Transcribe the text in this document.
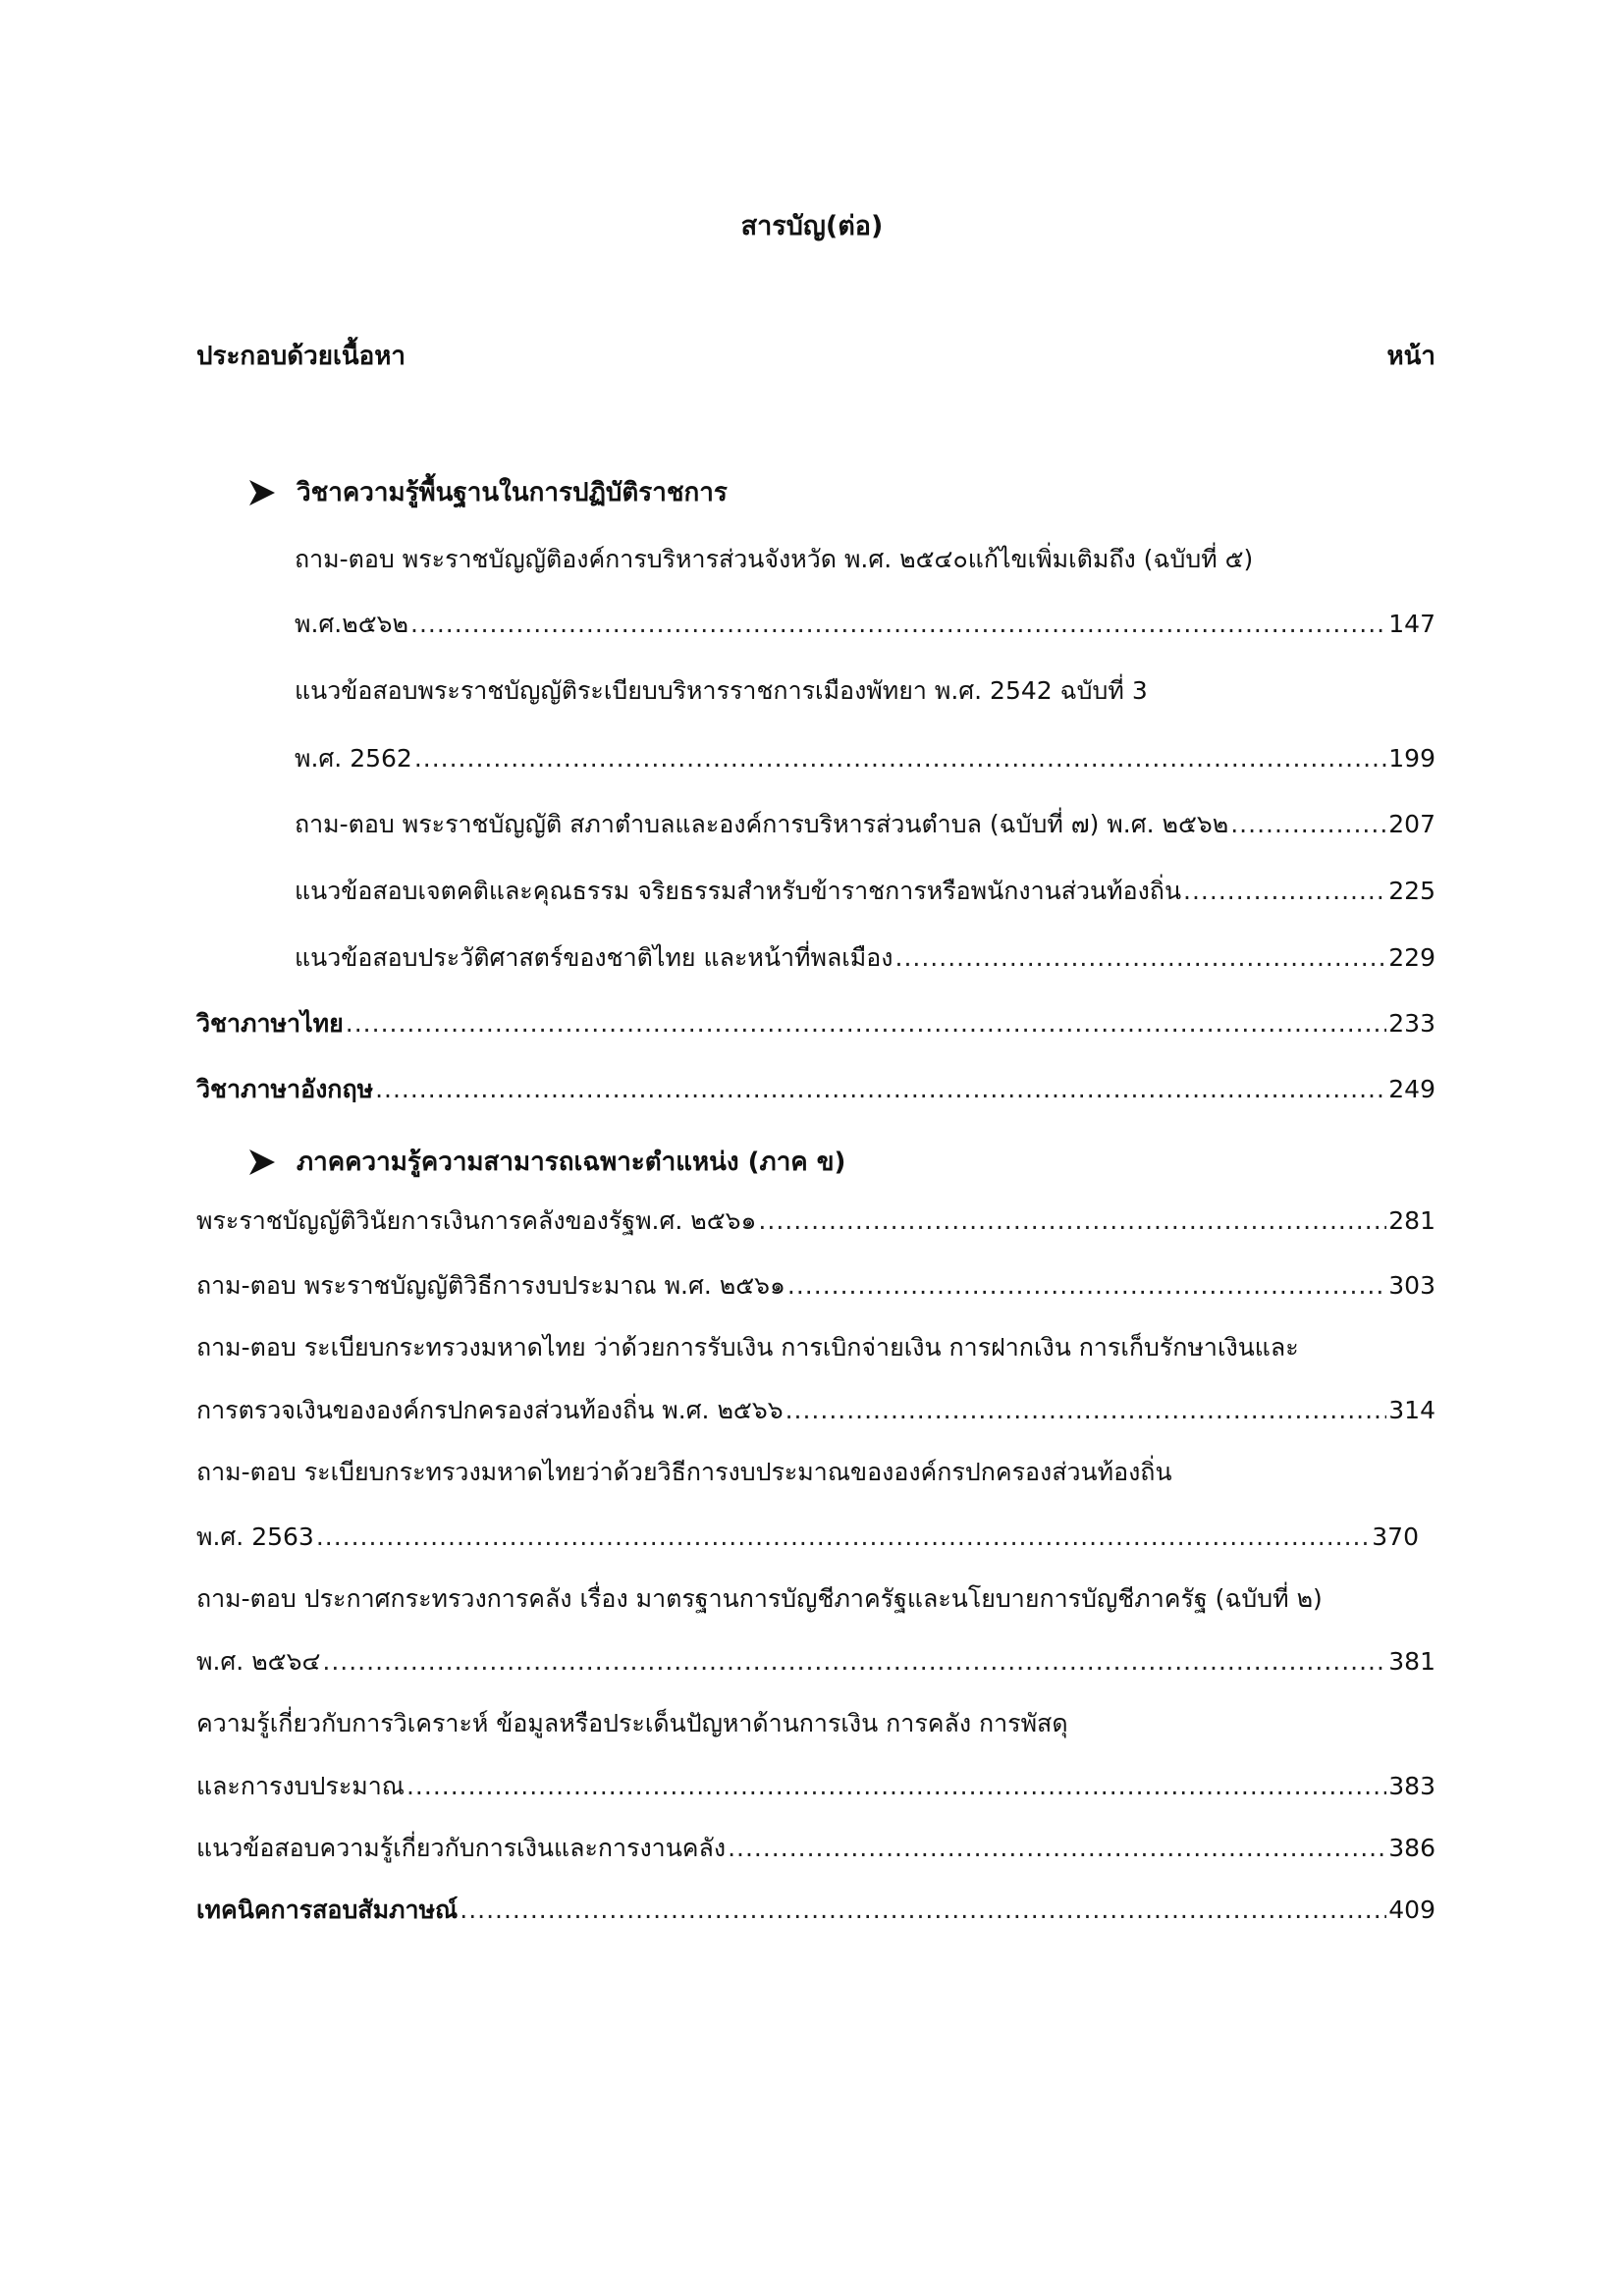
สารบัญ(ต่อ)
ประกอบด้วยเนื้อหา	หน้า
วิชาความรู้พื้นฐานในการปฏิบัติราชการ
ถาม-ตอบ พระราชบัญญัติองค์การบริหารส่วนจังหวัด พ.ศ. ๒๕๔๐แก้ไขเพิ่มเติมถึง (ฉบับที่ ๕)
พ.ศ.๒๕๖๒ .....	147
แนวข้อสอบพระราชบัญญัติระเบียบบริหารราชการเมืองพัทยา พ.ศ. 2542 ฉบับที่ 3
พ.ศ. 2562 .....	199
ถาม-ตอบ พระราชบัญญัติ สภาตำบลและองค์การบริหารส่วนตำบล (ฉบับที่ ๗) พ.ศ. ๒๕๖๒ .....	207
แนวข้อสอบเจตคติและคุณธรรม จริยธรรมสำหรับข้าราชการหรือพนักงานส่วนท้องถิ่น .....	225
แนวข้อสอบประวัติศาสตร์ของชาติไทย และหน้าที่พลเมือง .....	229
วิชาภาษาไทย .....	233
วิชาภาษาอังกฤษ .....	249
ภาคความรู้ความสามารถเฉพาะตำแหน่ง (ภาค ข)
พระราชบัญญัติวินัยการเงินการคลังของรัฐพ.ศ. ๒๕๖๑ .....	281
ถาม-ตอบ พระราชบัญญัติวิธีการงบประมาณ พ.ศ. ๒๕๖๑ .....	303
ถาม-ตอบ ระเบียบกระทรวงมหาดไทย ว่าด้วยการรับเงิน การเบิกจ่ายเงิน การฝากเงิน การเก็บรักษาเงินและ
การตรวจเงินขององค์กรปกครองส่วนท้องถิ่น พ.ศ. ๒๕๖๖ .....	314
ถาม-ตอบ ระเบียบกระทรวงมหาดไทยว่าด้วยวิธีการงบประมาณขององค์กรปกครองส่วนท้องถิ่น
พ.ศ. 2563 .....	370
ถาม-ตอบ ประกาศกระทรวงการคลัง เรื่อง มาตรฐานการบัญชีภาครัฐและนโยบายการบัญชีภาครัฐ (ฉบับที่ ๒)
พ.ศ. ๒๕๖๔ .....	381
ความรู้เกี่ยวกับการวิเคราะห์ ข้อมูลหรือประเด็นปัญหาด้านการเงิน การคลัง การพัสดุ
และการงบประมาณ .....	383
แนวข้อสอบความรู้เกี่ยวกับการเงินและการงานคลัง .....	386
เทคนิคการสอบสัมภาษณ์ .....	409
